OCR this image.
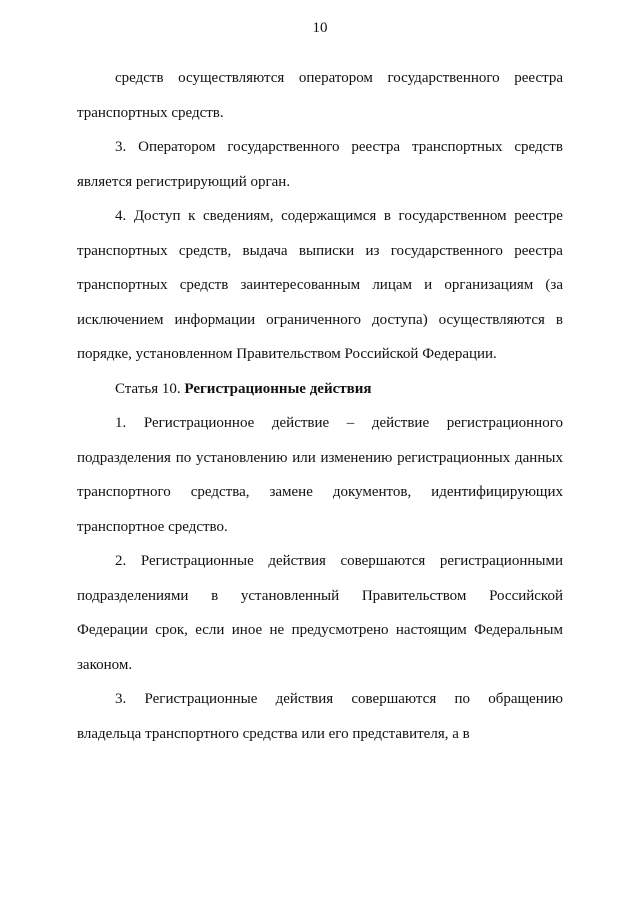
10
средств осуществляются оператором государственного реестра
транспортных средств.
3. Оператором государственного реестра транспортных средств
является регистрирующий орган.
4. Доступ к сведениям, содержащимся в государственном реестре
транспортных средств, выдача выписки из государственного реестра
транспортных средств заинтересованным лицам и организациям (за
исключением информации ограниченного доступа) осуществляются в
порядке, установленном Правительством Российской Федерации.
Статья 10. Регистрационные действия
1. Регистрационное действие – действие регистрационного
подразделения по установлению или изменению регистрационных данных
транспортного средства, замене документов, идентифицирующих
транспортное средство.
2. Регистрационные действия совершаются регистрационными
подразделениями в установленный Правительством Российской
Федерации срок, если иное не предусмотрено настоящим Федеральным
законом.
3. Регистрационные действия совершаются по обращению
владельца транспортного средства или его представителя, а в
